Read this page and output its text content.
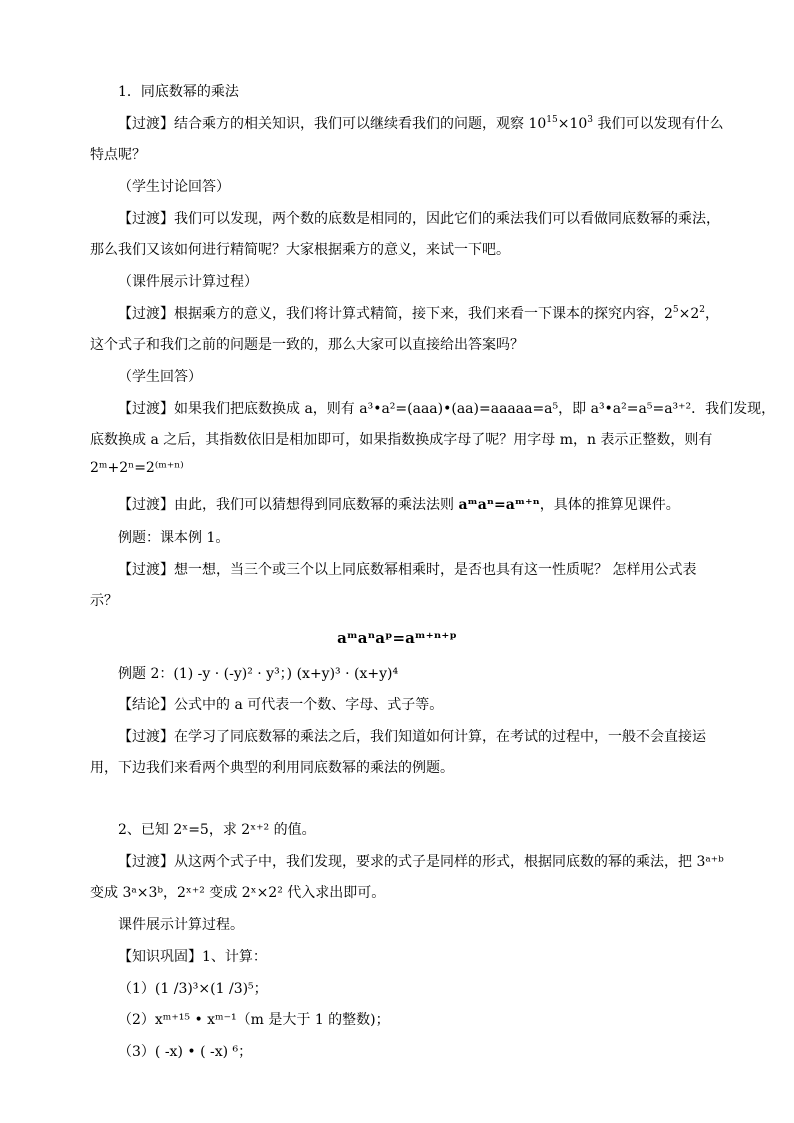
1．同底数幂的乘法
【过渡】结合乘方的相关知识，我们可以继续看我们的问题，观察 $10^{15}\times 10^3$ 我们可以发现有什么
特点呢？
（学生讨论回答）
【过渡】我们可以发现，两个数的底数是相同的，因此它们的乘法我们可以看做同底数幂的乘法，
那么我们又该如何进行精简呢？大家根据乘方的意义，来试一下吧。
（课件展示计算过程）
【过渡】根据乘方的意义，我们将计算式精简，接下来，我们来看一下课本的探究内容，$2^5\times 2^2$，
这个式子和我们之前的问题是一致的，那么大家可以直接给出答案吗？
（学生回答）
【过渡】如果我们把底数换成 a，则有 a³•a²=(aaa)•(aa)=aaaaa=a⁵，即 a³•a²=a⁵=a³⁺²．我们发现，
底数换成 a 之后，其指数依旧是相加即可，如果指数换成字母了呢？用字母 m，n 表示正整数，则有
2ᵐ+2ⁿ=2⁽ᵐ⁺ⁿ⁾
【过渡】由此，我们可以猜想得到同底数幂的乘法法则 aᵐaⁿ=aᵐ⁺ⁿ，具体的推算见课件。
例题：课本例 1。
【过渡】想一想，当三个或三个以上同底数幂相乘时，是否也具有这一性质呢？ 怎样用公式表
示？
aᵐaⁿaᵖ=aᵐ⁺ⁿ⁺ᵖ
例题 2：(1) -y · (-y)² · y³；) (x+y)³ · (x+y)⁴
【结论】公式中的 a 可代表一个数、字母、式子等。
【过渡】在学习了同底数幂的乘法之后，我们知道如何计算，在考试的过程中，一般不会直接运
用，下边我们来看两个典型的利用同底数幂的乘法的例题。
2、已知 2ˣ=5，求 2ˣ⁺² 的值。
【过渡】从这两个式子中，我们发现，要求的式子是同样的形式，根据同底数的幂的乘法，把 3ᵃ⁺ᵇ
变成 3ᵃ×3ᵇ，2ˣ⁺² 变成 2ˣ×2² 代入求出即可。
课件展示计算过程。
【知识巩固】1、计算：
（1）(1 /3)³×(1 /3)⁵；
（2）xᵐ⁺¹⁵ • xᵐ⁻¹（m 是大于 1 的整数)；
（3）( -x) • ( -x) ⁶；
